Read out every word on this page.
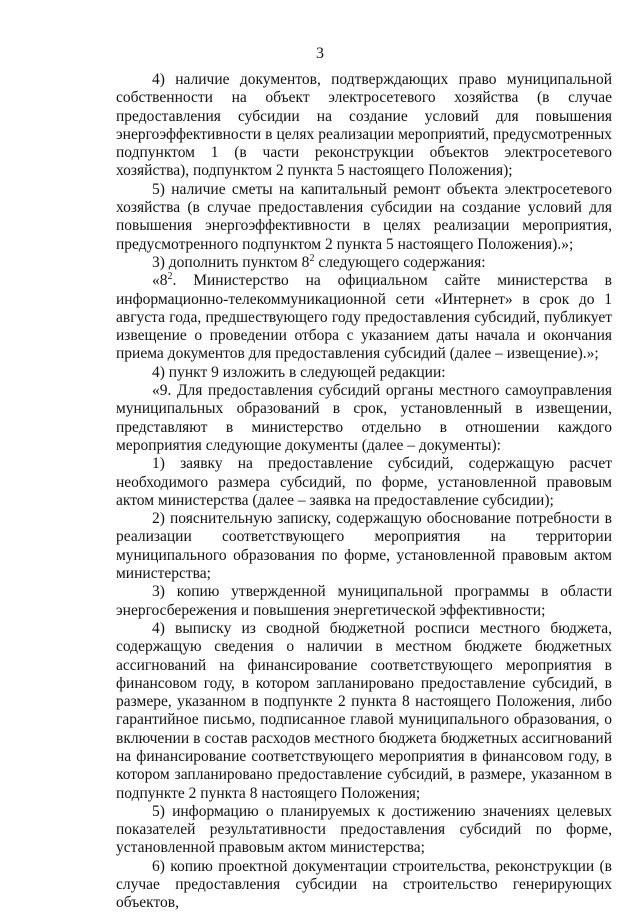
3

4) наличие документов, подтверждающих право муниципальной собственности на объект электросетевого хозяйства (в случае предоставления субсидии на создание условий для повышения энергоэффективности в целях реализации мероприятий, предусмотренных подпунктом 1 (в части реконструкции объектов электросетевого хозяйства), подпунктом 2 пункта 5 настоящего Положения);

5) наличие сметы на капитальный ремонт объекта электросетевого хозяйства (в случае предоставления субсидии на создание условий для повышения энергоэффективности в целях реализации мероприятия, предусмотренного подпунктом 2 пункта 5 настоящего Положения).»;

3) дополнить пунктом $8^2$ следующего содержания:

«$8^2$. Министерство на официальном сайте министерства в информационно-телекоммуникационной сети «Интернет» в срок до 1 августа года, предшествующего году предоставления субсидий, публикует извещение о проведении отбора с указанием даты начала и окончания приема документов для предоставления субсидий (далее – извещение).»;

4) пункт 9 изложить в следующей редакции:

«9. Для предоставления субсидий органы местного самоуправления муниципальных образований в срок, установленный в извещении, представляют в министерство отдельно в отношении каждого мероприятия следующие документы (далее – документы):

1) заявку на предоставление субсидий, содержащую расчет необходимого размера субсидий, по форме, установленной правовым актом министерства (далее – заявка на предоставление субсидии);

2) пояснительную записку, содержащую обоснование потребности в реализации соответствующего мероприятия на территории муниципального образования по форме, установленной правовым актом министерства;

3) копию утвержденной муниципальной программы в области энергосбережения и повышения энергетической эффективности;

4) выписку из сводной бюджетной росписи местного бюджета, содержащую сведения о наличии в местном бюджете бюджетных ассигнований на финансирование соответствующего мероприятия в финансовом году, в котором запланировано предоставление субсидий, в размере, указанном в подпункте 2 пункта 8 настоящего Положения, либо гарантийное письмо, подписанное главой муниципального образования, о включении в состав расходов местного бюджета бюджетных ассигнований на финансирование соответствующего мероприятия в финансовом году, в котором запланировано предоставление субсидий, в размере, указанном в подпункте 2 пункта 8 настоящего Положения;

5) информацию о планируемых к достижению значениях целевых показателей результативности предоставления субсидий по форме, установленной правовым актом министерства;

6) копию проектной документации строительства, реконструкции (в случае предоставления субсидии на строительство генерирующих объектов,
